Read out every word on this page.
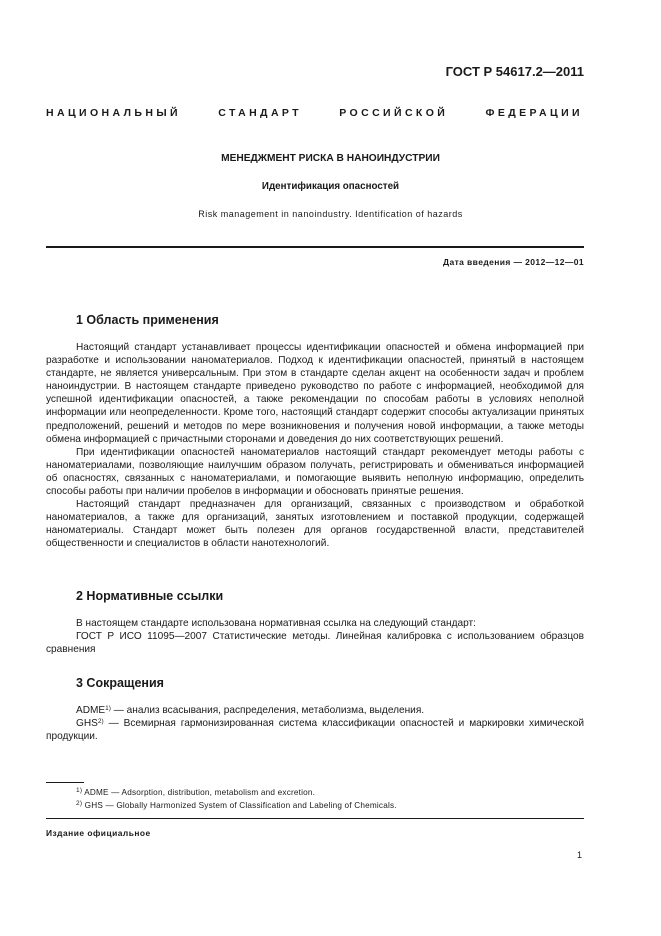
ГОСТ Р 54617.2—2011
НАЦИОНАЛЬНЫЙ	СТАНДАРТ	РОССИЙСКОЙ	ФЕДЕРАЦИИ
МЕНЕДЖМЕНТ РИСКА В НАНОИНДУСТРИИ
Идентификация опасностей
Risk management in nanoindustry. Identification of hazards
Дата введения — 2012—12—01
1 Область применения

Настоящий стандарт устанавливает процессы идентификации опасностей и обмена информацией при разработке и использовании наноматериалов. Подход к идентификации опасностей, принятый в настоящем стандарте, не является универсальным. При этом в стандарте сделан акцент на особенности задач и проблем наноиндустрии. В настоящем стандарте приведено руководство по работе с информацией, необходимой для успешной идентификации опасностей, а также рекомендации по способам работы в условиях неполной информации или неопределенности. Кроме того, настоящий стандарт содержит способы актуализации принятых предположений, решений и методов по мере возникновения и получения новой информации, а также методы обмена информацией с причастными сторонами и доведения до них соответствующих решений.

При идентификации опасностей наноматериалов настоящий стандарт рекомендует методы работы с наноматериалами, позволяющие наилучшим образом получать, регистрировать и обмениваться информацией об опасностях, связанных с наноматериалами, и помогающие выявить неполную информацию, определить способы работы при наличии пробелов в информации и обосновать принятые решения.

Настоящий стандарт предназначен для организаций, связанных с производством и обработкой наноматериалов, а также для организаций, занятых изготовлением и поставкой продукции, содержащей наноматериалы. Стандарт может быть полезен для органов государственной власти, представителей общественности и специалистов в области нанотехнологий.

2 Нормативные ссылки

В настоящем стандарте использована нормативная ссылка на следующий стандарт:

ГОСТ Р ИСО 11095—2007 Статистические методы. Линейная калибровка с использованием образцов сравнения

3 Сокращения

ADME$^{1)}$ — анализ всасывания, распределения, метаболизма, выделения.

GHS$^{2)}$ — Всемирная гармонизированная система классификации опасностей и маркировки химической продукции.

$^{1)}$ ADME — Adsorption, distribution, metabolism and excretion.
$^{2)}$ GHS — Globally Harmonized System of Classification and Labeling of Chemicals.
Издание официальное
1
